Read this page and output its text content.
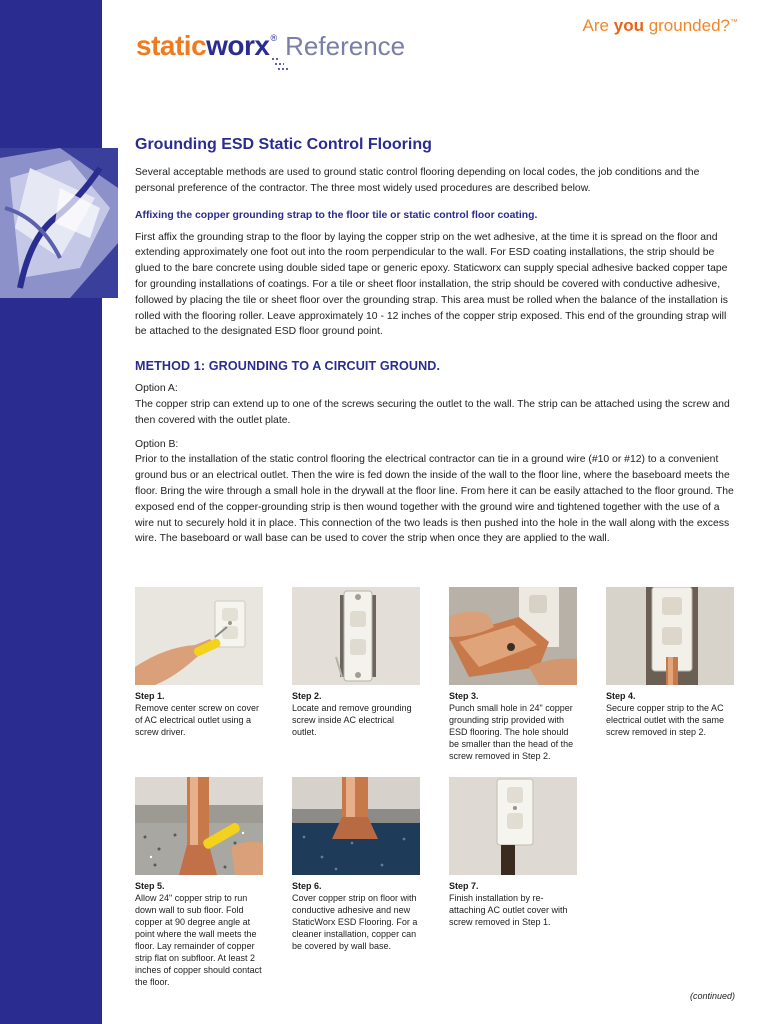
static worx ® Reference
Are you grounded?™
Grounding ESD Static Control Flooring

Several acceptable methods are used to ground static control flooring depending on local codes, the job conditions and the personal preference of the contractor. The three most widely used procedures are described below.

Affixing the copper grounding strap to the floor tile or static control floor coating.

First affix the grounding strap to the floor by laying the copper strip on the wet adhesive, at the time it is spread on the floor and extending approximately one foot out into the room perpendicular to the wall. For ESD coating installations, the strip should be glued to the bare concrete using double sided tape or generic epoxy. Staticworx can supply special adhesive backed copper tape for grounding installations of coatings. For a tile or sheet floor installation, the strip should be covered with conductive adhesive, followed by placing the tile or sheet floor over the grounding strap. This area must be rolled when the balance of the installation is rolled with the flooring roller. Leave approximately 10 - 12 inches of the copper strip exposed. This end of the grounding strap will be attached to the designated ESD floor ground point.

METHOD 1: GROUNDING TO A CIRCUIT GROUND.
Option A:

The copper strip can extend up to one of the screws securing the outlet to the wall. The strip can be attached using the screw and then covered with the outlet plate.

Option B:

Prior to the installation of the static control flooring the electrical contractor can tie in a ground wire (#10 or #12) to a convenient ground bus or an electrical outlet. Then the wire is fed down the inside of the wall to the floor line, where the baseboard meets the floor. Bring the wire through a small hole in the drywall at the floor line. From here it can be easily attached to the floor ground. The exposed end of the copper-grounding strip is then wound together with the ground wire and tightened together with the use of a wire nut to securely hold it in place. This connection of the two leads is then pushed into the hole in the wall along with the excess wire. The baseboard or wall base can be used to cover the strip when once they are applied to the wall.

Step 1.
Remove center screw on cover of AC electrical outlet using a screw driver.
Step 2.
Locate and remove grounding screw inside AC electrical outlet.
Step 3.
Punch small hole in 24" copper grounding strip provided with ESD flooring. The hole should be smaller than the head of the screw removed in Step 2.
Step 4.
Secure copper strip to the AC electrical outlet with the same screw removed in step 2.
Step 5.
Allow 24" copper strip to run down wall to sub floor. Fold copper at 90 degree angle at point where the wall meets the floor. Lay remainder of copper strip flat on subfloor. At least 2 inches of copper should contact the floor.
Step 6.
Cover copper strip on floor with conductive adhesive and new StaticWorx ESD Flooring. For a cleaner installation, copper can be covered by wall base.
Step 7.
Finish installation by re-attaching AC outlet cover with screw removed in Step 1.
(continued)
